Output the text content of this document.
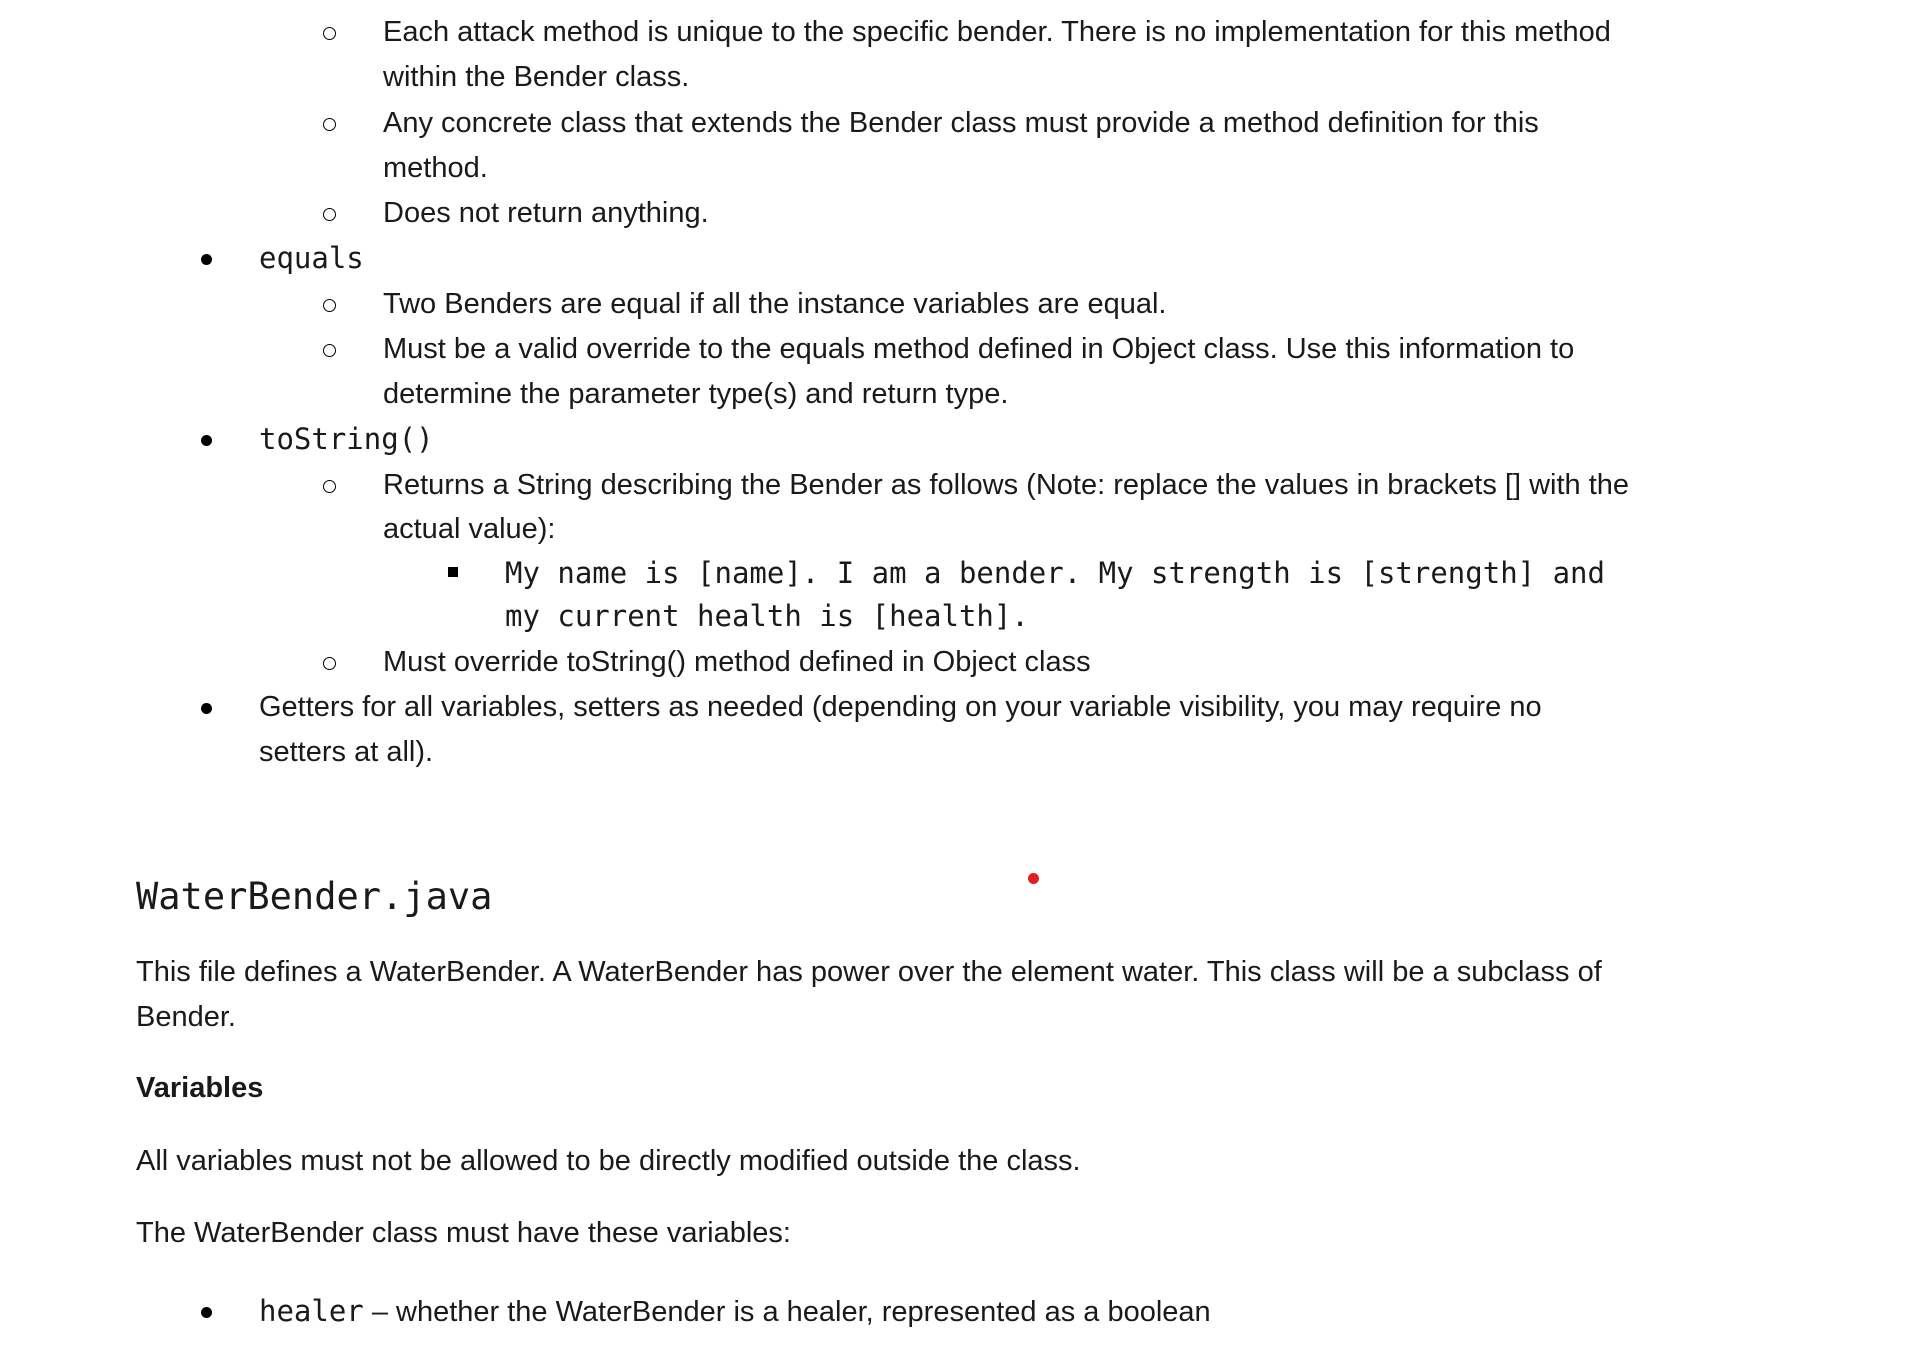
Each attack method is unique to the specific bender. There is no implementation for this method
within the Bender class.
Any concrete class that extends the Bender class must provide a method definition for this
method.
Does not return anything.
equals
Two Benders are equal if all the instance variables are equal.
Must be a valid override to the equals method defined in Object class. Use this information to
determine the parameter type(s) and return type.
toString()
Returns a String describing the Bender as follows (Note: replace the values in brackets [] with the
actual value):
My name is [name]. I am a bender. My strength is [strength] and
my current health is [health].
Must override toString() method defined in Object class
Getters for all variables, setters as needed (depending on your variable visibility, you may require no
setters at all).
WaterBender.java
This file defines a WaterBender. A WaterBender has power over the element water. This class will be a subclass of
Bender.
Variables
All variables must not be allowed to be directly modified outside the class.
The WaterBender class must have these variables:
healer – whether the WaterBender is a healer, represented as a boolean
